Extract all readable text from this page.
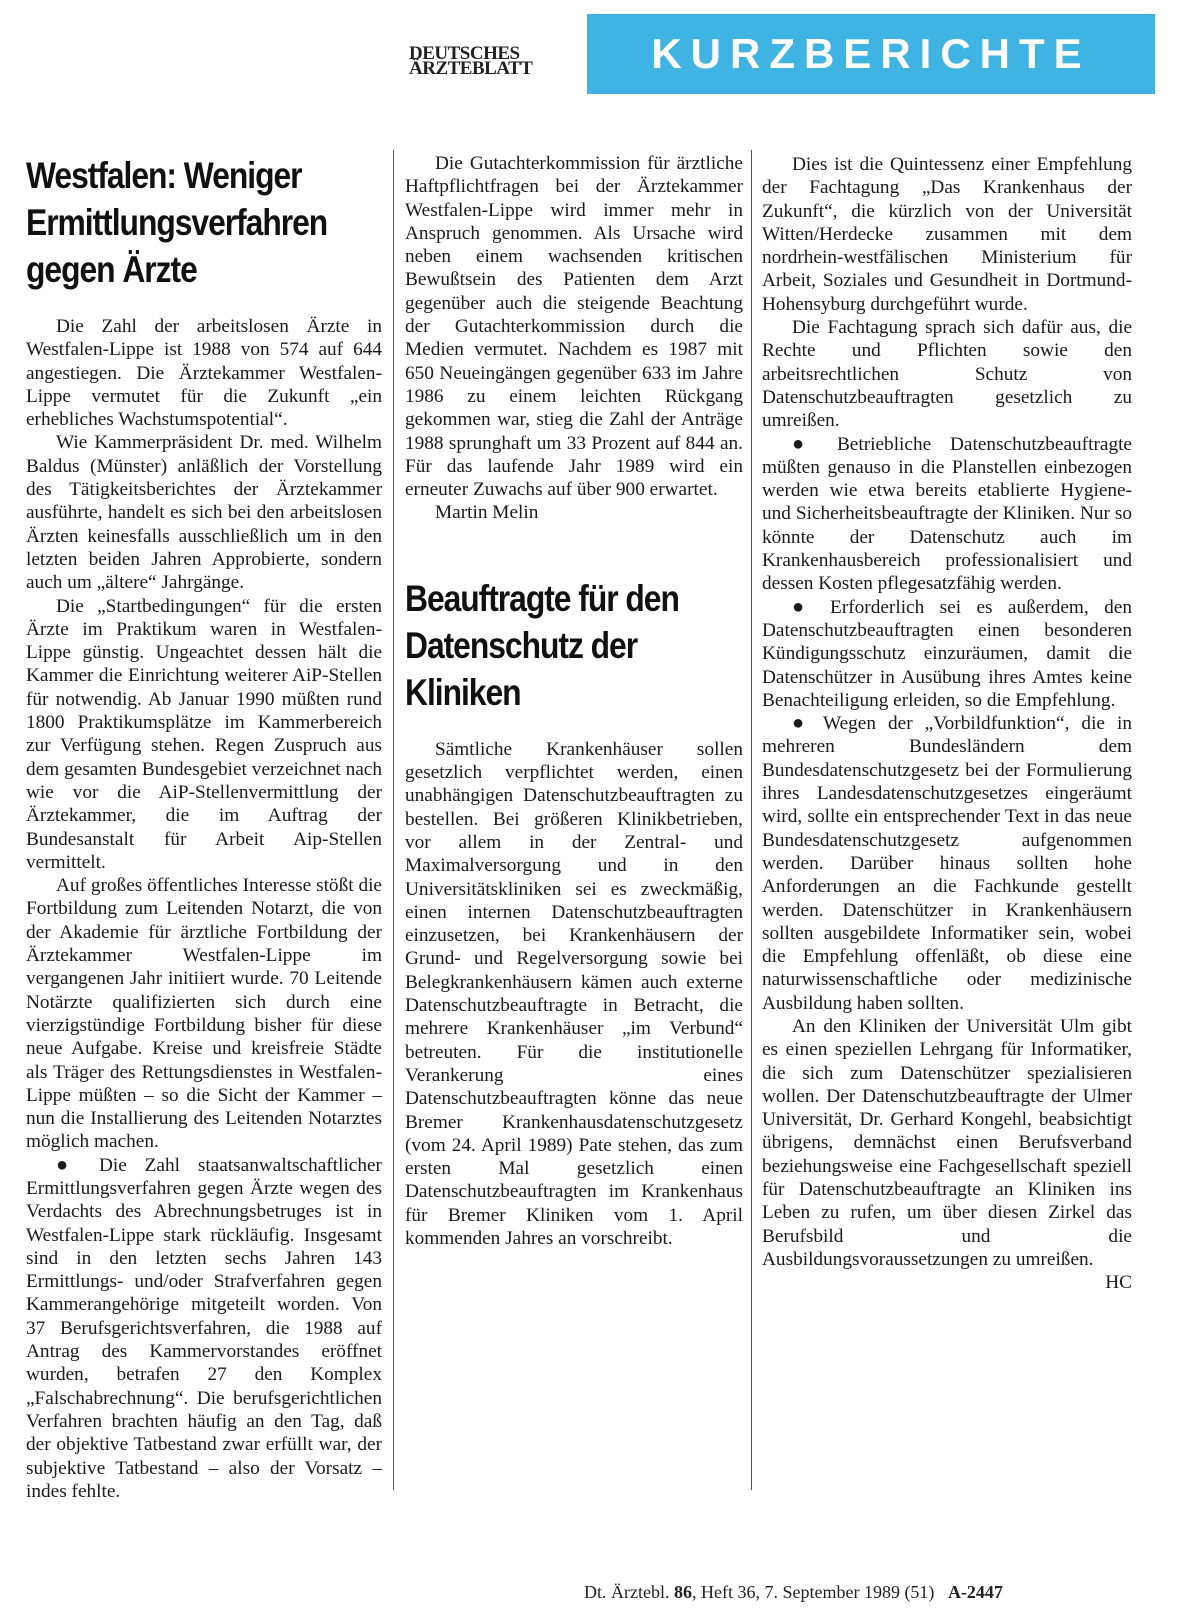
DEUTSCHES
ÄRZTEBLATT	KURZBERICHTE
Westfalen: Weniger Ermittlungsverfahren gegen Ärzte

Die Zahl der arbeitslosen Ärzte in Westfalen-Lippe ist 1988 von 574 auf 644 angestiegen. Die Ärztekammer Westfalen-Lippe vermutet für die Zukunft „ein erhebliches Wachstumspotential“.

Wie Kammerpräsident Dr. med. Wilhelm Baldus (Münster) anläßlich der Vorstellung des Tätigkeitsberichtes der Ärztekammer ausführte, handelt es sich bei den arbeitslosen Ärzten keinesfalls ausschließlich um in den letzten beiden Jahren Approbierte, sondern auch um „ältere“ Jahrgänge.

Die „Startbedingungen“ für die ersten Ärzte im Praktikum waren in Westfalen-Lippe günstig. Ungeachtet dessen hält die Kammer die Einrichtung weiterer AiP-Stellen für notwendig. Ab Januar 1990 müßten rund 1800 Praktikumsplätze im Kammerbereich zur Verfügung stehen. Regen Zuspruch aus dem gesamten Bundesgebiet verzeichnet nach wie vor die AiP-Stellenvermittlung der Ärztekammer, die im Auftrag der Bundesanstalt für Arbeit Aip-Stellen vermittelt.

Auf großes öffentliches Interesse stößt die Fortbildung zum Leitenden Notarzt, die von der Akademie für ärztliche Fortbildung der Ärztekammer Westfalen-Lippe im vergangenen Jahr initiiert wurde. 70 Leitende Notärzte qualifizierten sich durch eine vierzigstündige Fortbildung bisher für diese neue Aufgabe. Kreise und kreisfreie Städte als Träger des Rettungsdienstes in Westfalen-Lippe müßten – so die Sicht der Kammer – nun die Installierung des Leitenden Notarztes möglich machen.

● Die Zahl staatsanwaltschaftlicher Ermittlungsverfahren gegen Ärzte wegen des Verdachts des Abrechnungsbetruges ist in Westfalen-Lippe stark rückläufig. Insgesamt sind in den letzten sechs Jahren 143 Ermittlungs- und/oder Strafverfahren gegen Kammerangehörige mitgeteilt worden. Von 37 Berufsgerichtsverfahren, die 1988 auf Antrag des Kammervorstandes eröffnet wurden, betrafen 27 den Komplex „Falschabrechnung“. Die berufsgerichtlichen Verfahren brachten häufig an den Tag, daß der objektive Tatbestand zwar erfüllt war, der subjektive Tatbestand – also der Vorsatz – indes fehlte.

Die Gutachterkommission für ärztliche Haftpflichtfragen bei der Ärztekammer Westfalen-Lippe wird immer mehr in Anspruch genommen. Als Ursache wird neben einem wachsenden kritischen Bewußtsein des Patienten dem Arzt gegenüber auch die steigende Beachtung der Gutachterkommission durch die Medien vermutet. Nachdem es 1987 mit 650 Neueingängen gegenüber 633 im Jahre 1986 zu einem leichten Rückgang gekommen war, stieg die Zahl der Anträge 1988 sprunghaft um 33 Prozent auf 844 an. Für das laufende Jahr 1989 wird ein erneuter Zuwachs auf über 900 erwartet.

Martin Melin

Beauftragte für den Datenschutz der Kliniken

Sämtliche Krankenhäuser sollen gesetzlich verpflichtet werden, einen unabhängigen Datenschutzbeauftragten zu bestellen. Bei größeren Klinikbetrieben, vor allem in der Zentral- und Maximalversorgung und in den Universitätskliniken sei es zweckmäßig, einen internen Datenschutzbeauftragten einzusetzen, bei Krankenhäusern der Grund- und Regelversorgung sowie bei Belegkrankenhäusern kämen auch externe Datenschutzbeauftragte in Betracht, die mehrere Krankenhäuser „im Verbund“ betreuten. Für die institutionelle Verankerung eines Datenschutzbeauftragten könne das neue Bremer Krankenhausdatenschutzgesetz (vom 24. April 1989) Pate stehen, das zum ersten Mal gesetzlich einen Datenschutzbeauftragten im Krankenhaus für Bremer Kliniken vom 1. April kommenden Jahres an vorschreibt.

Dies ist die Quintessenz einer Empfehlung der Fachtagung „Das Krankenhaus der Zukunft“, die kürzlich von der Universität Witten/Herdecke zusammen mit dem nordrhein-westfälischen Ministerium für Arbeit, Soziales und Gesundheit in Dortmund-Hohensyburg durchgeführt wurde.

Die Fachtagung sprach sich dafür aus, die Rechte und Pflichten sowie den arbeitsrechtlichen Schutz von Datenschutzbeauftragten gesetzlich zu umreißen.

● Betriebliche Datenschutzbeauftragte müßten genauso in die Planstellen einbezogen werden wie etwa bereits etablierte Hygiene- und Sicherheitsbeauftragte der Kliniken. Nur so könnte der Datenschutz auch im Krankenhausbereich professionalisiert und dessen Kosten pflegesatzfähig werden.

● Erforderlich sei es außerdem, den Datenschutzbeauftragten einen besonderen Kündigungsschutz einzuräumen, damit die Datenschützer in Ausübung ihres Amtes keine Benachteiligung erleiden, so die Empfehlung.

● Wegen der „Vorbildfunktion“, die in mehreren Bundesländern dem Bundesdatenschutzgesetz bei der Formulierung ihres Landesdatenschutzgesetzes eingeräumt wird, sollte ein entsprechender Text in das neue Bundesdatenschutzgesetz aufgenommen werden. Darüber hinaus sollten hohe Anforderungen an die Fachkunde gestellt werden. Datenschützer in Krankenhäusern sollten ausgebildete Informatiker sein, wobei die Empfehlung offenläßt, ob diese eine naturwissenschaftliche oder medizinische Ausbildung haben sollten.

An den Kliniken der Universität Ulm gibt es einen speziellen Lehrgang für Informatiker, die sich zum Datenschützer spezialisieren wollen. Der Datenschutzbeauftragte der Ulmer Universität, Dr. Gerhard Kongehl, beabsichtigt übrigens, demnächst einen Berufsverband beziehungsweise eine Fachgesellschaft speziell für Datenschutzbeauftragte an Kliniken ins Leben zu rufen, um über diesen Zirkel das Berufsbild und die Ausbildungsvoraussetzungen zu umreißen.

HC

Dt. Ärztebl. 86, Heft 36, 7. September 1989 (51) A-2447
